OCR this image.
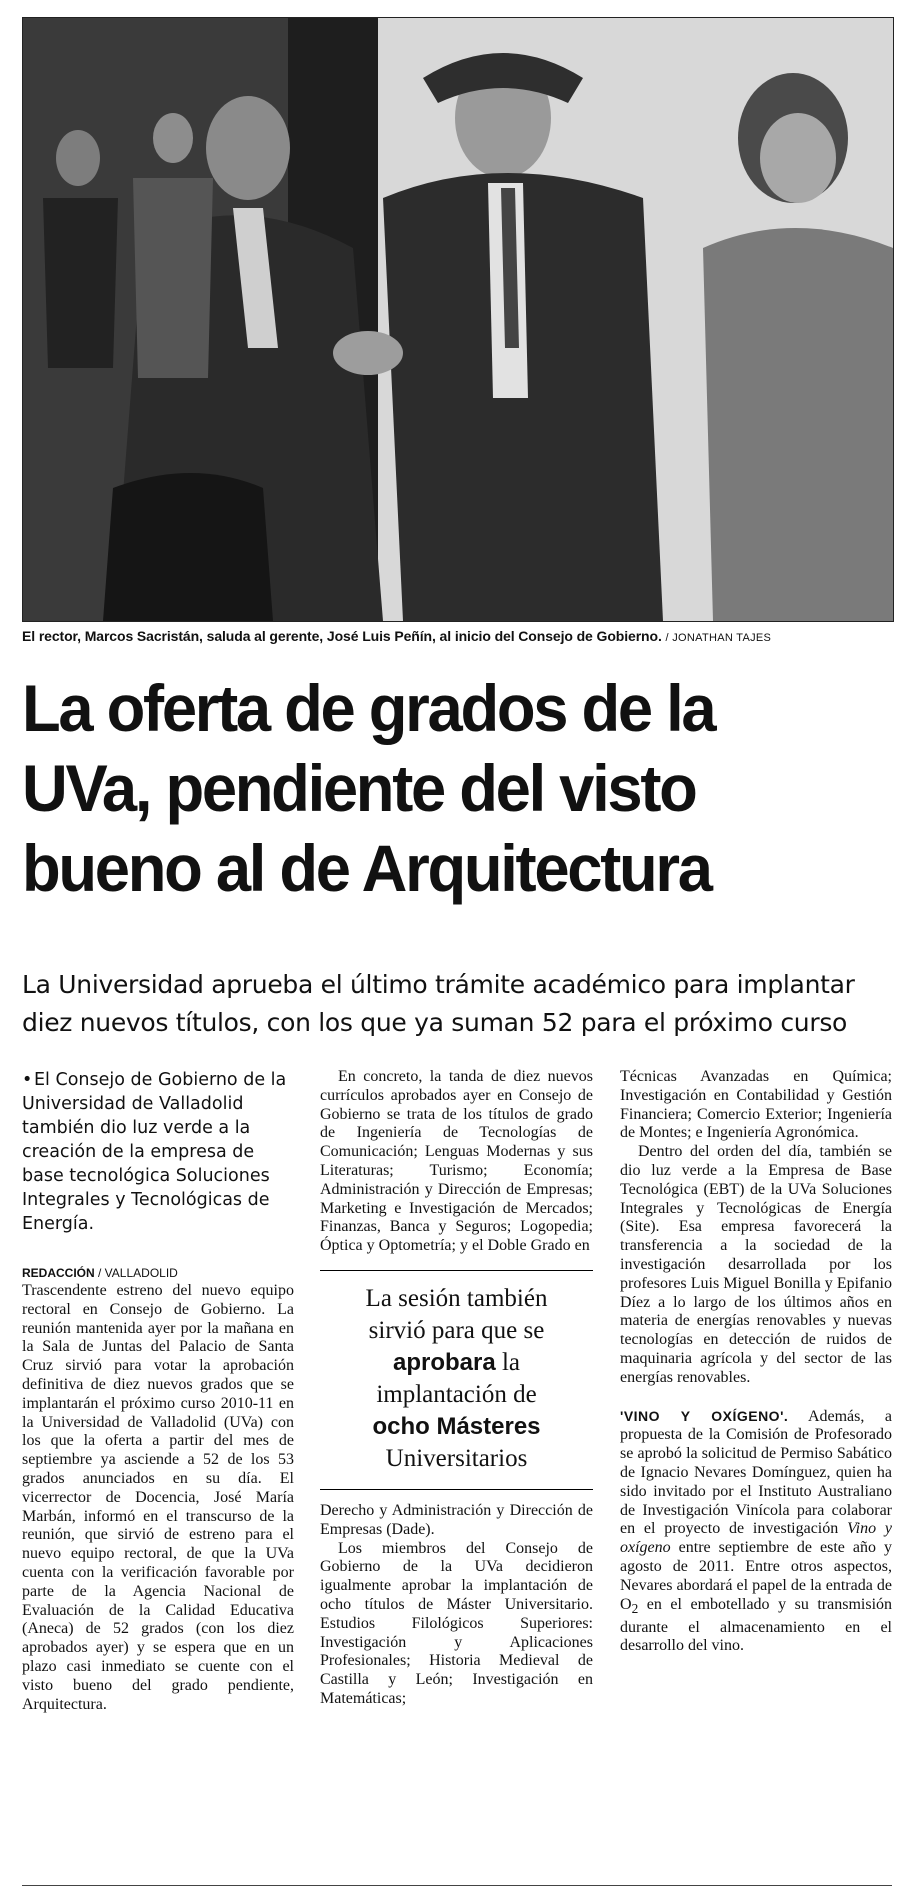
El rector, Marcos Sacristán, saluda al gerente, José Luis Peñín, al inicio del Consejo de Gobierno. / JONATHAN TAJES
La oferta de grados de la
UVa, pendiente del visto
bueno al de Arquitectura
La Universidad aprueba el último trámite académico para implantar
diez nuevos títulos, con los que ya suman 52 para el próximo curso
•El Consejo de Gobierno de la Universidad de Valladolid también dio luz verde a la creación de la empresa de base tecnológica Soluciones Integrales y Tecnológicas de Energía.
REDACCIÓN / VALLADOLID

Trascendente estreno del nuevo equipo rectoral en Consejo de Gobierno. La reunión mantenida ayer por la mañana en la Sala de Juntas del Palacio de Santa Cruz sirvió para votar la aprobación definitiva de diez nuevos grados que se implantarán el próximo curso 2010-11 en la Universidad de Valladolid (UVa) con los que la oferta a partir del mes de septiembre ya asciende a 52 de los 53 grados anunciados en su día. El vicerrector de Docencia, José María Marbán, informó en el transcurso de la reunión, que sirvió de estreno para el nuevo equipo rectoral, de que la UVa cuenta con la verificación favorable por parte de la Agencia Nacional de Evaluación de la Calidad Educativa (Aneca) de 52 grados (con los diez aprobados ayer) y se espera que en un plazo casi inmediato se cuente con el visto bueno del grado pendiente, Arquitectura.

En concreto, la tanda de diez nuevos currículos aprobados ayer en Consejo de Gobierno se trata de los títulos de grado de Ingeniería de Tecnologías de Comunicación; Lenguas Modernas y sus Literaturas; Turismo; Economía; Administración y Dirección de Empresas; Marketing e Investigación de Mercados; Finanzas, Banca y Seguros; Logopedia; Óptica y Optometría; y el Doble Grado en

La sesión también
sirvió para que se
aprobara la
implantación de
ocho Másteres
Universitarios

Derecho y Administración y Dirección de Empresas (Dade).

Los miembros del Consejo de Gobierno de la UVa decidieron igualmente aprobar la implantación de ocho títulos de Máster Universitario. Estudios Filológicos Superiores: Investigación y Aplicaciones Profesionales; Historia Medieval de Castilla y León; Investigación en Matemáticas;

Técnicas Avanzadas en Química; Investigación en Contabilidad y Gestión Financiera; Comercio Exterior; Ingeniería de Montes; e Ingeniería Agronómica.

Dentro del orden del día, también se dio luz verde a la Empresa de Base Tecnológica (EBT) de la UVa Soluciones Integrales y Tecnológicas de Energía (Site). Esa empresa favorecerá la transferencia a la sociedad de la investigación desarrollada por los profesores Luis Miguel Bonilla y Epifanio Díez a lo largo de los últimos años en materia de energías renovables y nuevas tecnologías en detección de ruidos de maquinaria agrícola y del sector de las energías renovables.

'VINO Y OXÍGENO'. Además, a propuesta de la Comisión de Profesorado se aprobó la solicitud de Permiso Sabático de Ignacio Nevares Domínguez, quien ha sido invitado por el Instituto Australiano de Investigación Vinícola para colaborar en el proyecto de investigación Vino y oxígeno entre septiembre de este año y agosto de 2011. Entre otros aspectos, Nevares abordará el papel de la entrada de $O_2$ en el embotellado y su transmisión durante el almacenamiento en el desarrollo del vino.
